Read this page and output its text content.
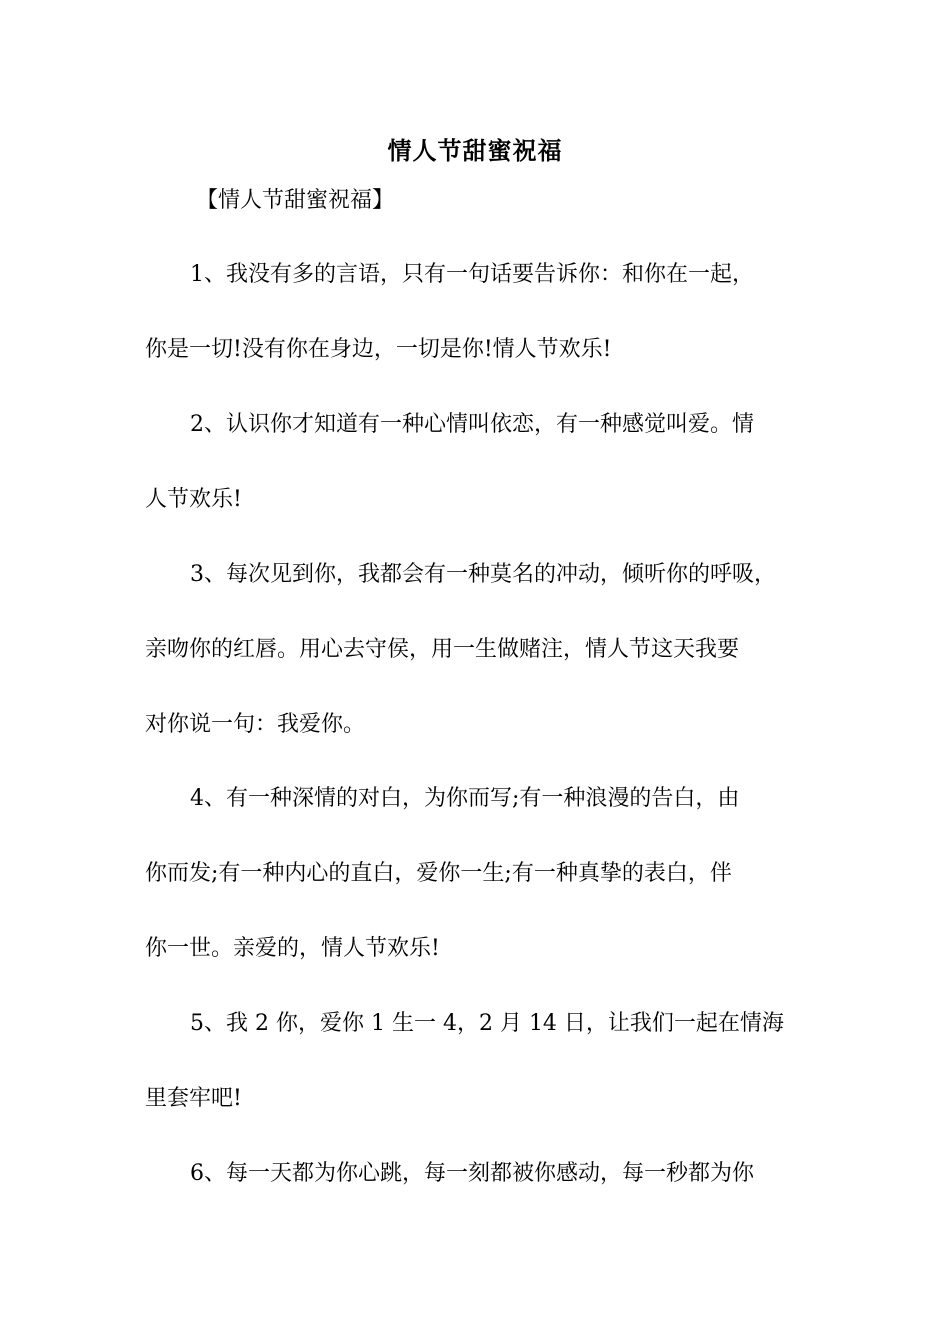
情人节甜蜜祝福
【情人节甜蜜祝福】
1、我没有多的言语，只有一句话要告诉你：和你在一起，
你是一切!没有你在身边，一切是你!情人节欢乐!
2、认识你才知道有一种心情叫依恋，有一种感觉叫爱。情
人节欢乐!
3、每次见到你，我都会有一种莫名的冲动，倾听你的呼吸，
亲吻你的红唇。用心去守侯，用一生做赌注，情人节这天我要
对你说一句：我爱你。
4、有一种深情的对白，为你而写;有一种浪漫的告白，由
你而发;有一种内心的直白，爱你一生;有一种真挚的表白，伴
你一世。亲爱的，情人节欢乐!
5、我 2 你，爱你 1 生一 4，2 月 14 日，让我们一起在情海
里套牢吧!
6、每一天都为你心跳，每一刻都被你感动，每一秒都为你
